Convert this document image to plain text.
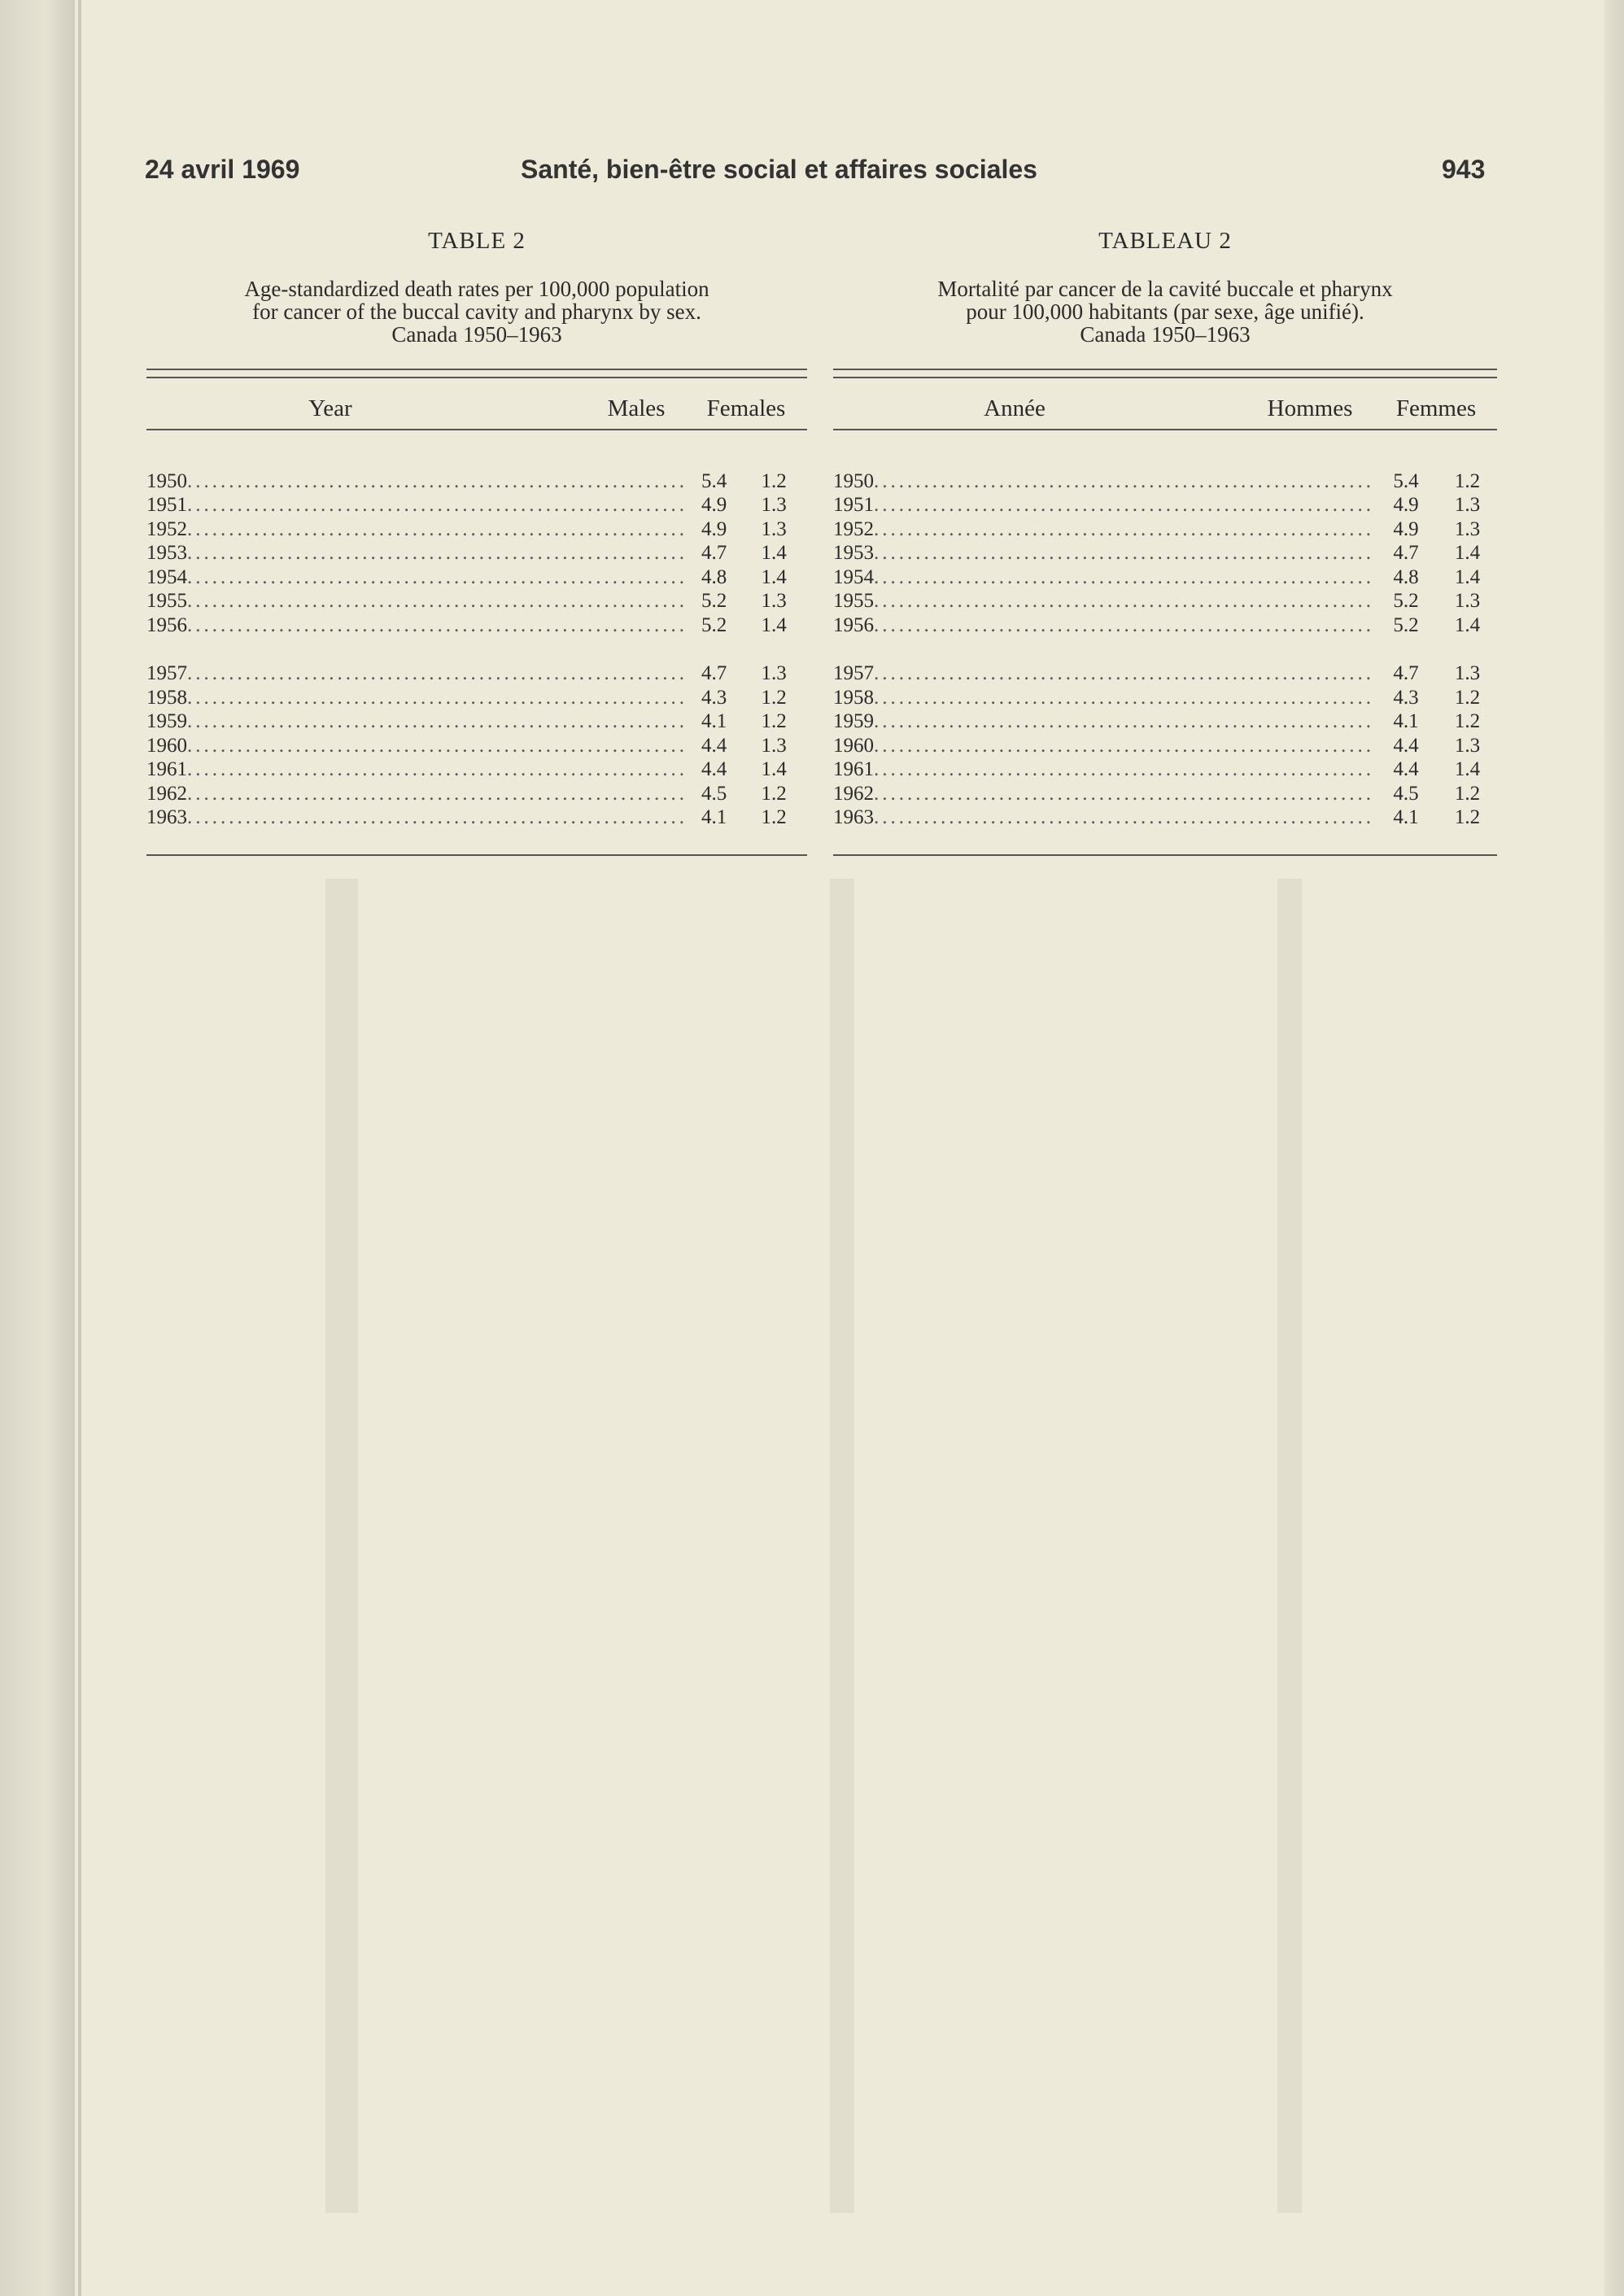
24 avril 1969	Santé, bien-être social et affaires sociales	943
TABLE 2
Age-standardized death rates per 100,000 population
for cancer of the buccal cavity and pharynx by sex.
Canada 1950–1963
Year	Males	Females
1950............................................................ 5.4	1.2
1951............................................................ 4.9	1.3
1952............................................................ 4.9	1.3
1953............................................................ 4.7	1.4
1954............................................................ 4.8	1.4
1955............................................................ 5.2	1.3
1956............................................................ 5.2	1.4
1957............................................................ 4.7	1.3
1958............................................................ 4.3	1.2
1959............................................................ 4.1	1.2
1960............................................................ 4.4	1.3
1961............................................................ 4.4	1.4
1962............................................................ 4.5	1.2
1963............................................................ 4.1	1.2
TABLEAU 2
Mortalité par cancer de la cavité buccale et pharynx
pour 100,000 habitants (par sexe, âge unifié).
Canada 1950–1963
Année	Hommes	Femmes
1950............................................................ 5.4	1.2
1951............................................................ 4.9	1.3
1952............................................................ 4.9	1.3
1953............................................................ 4.7	1.4
1954............................................................ 4.8	1.4
1955............................................................ 5.2	1.3
1956............................................................ 5.2	1.4
1957............................................................ 4.7	1.3
1958............................................................ 4.3	1.2
1959............................................................ 4.1	1.2
1960............................................................ 4.4	1.3
1961............................................................ 4.4	1.4
1962............................................................ 4.5	1.2
1963............................................................ 4.1	1.2
